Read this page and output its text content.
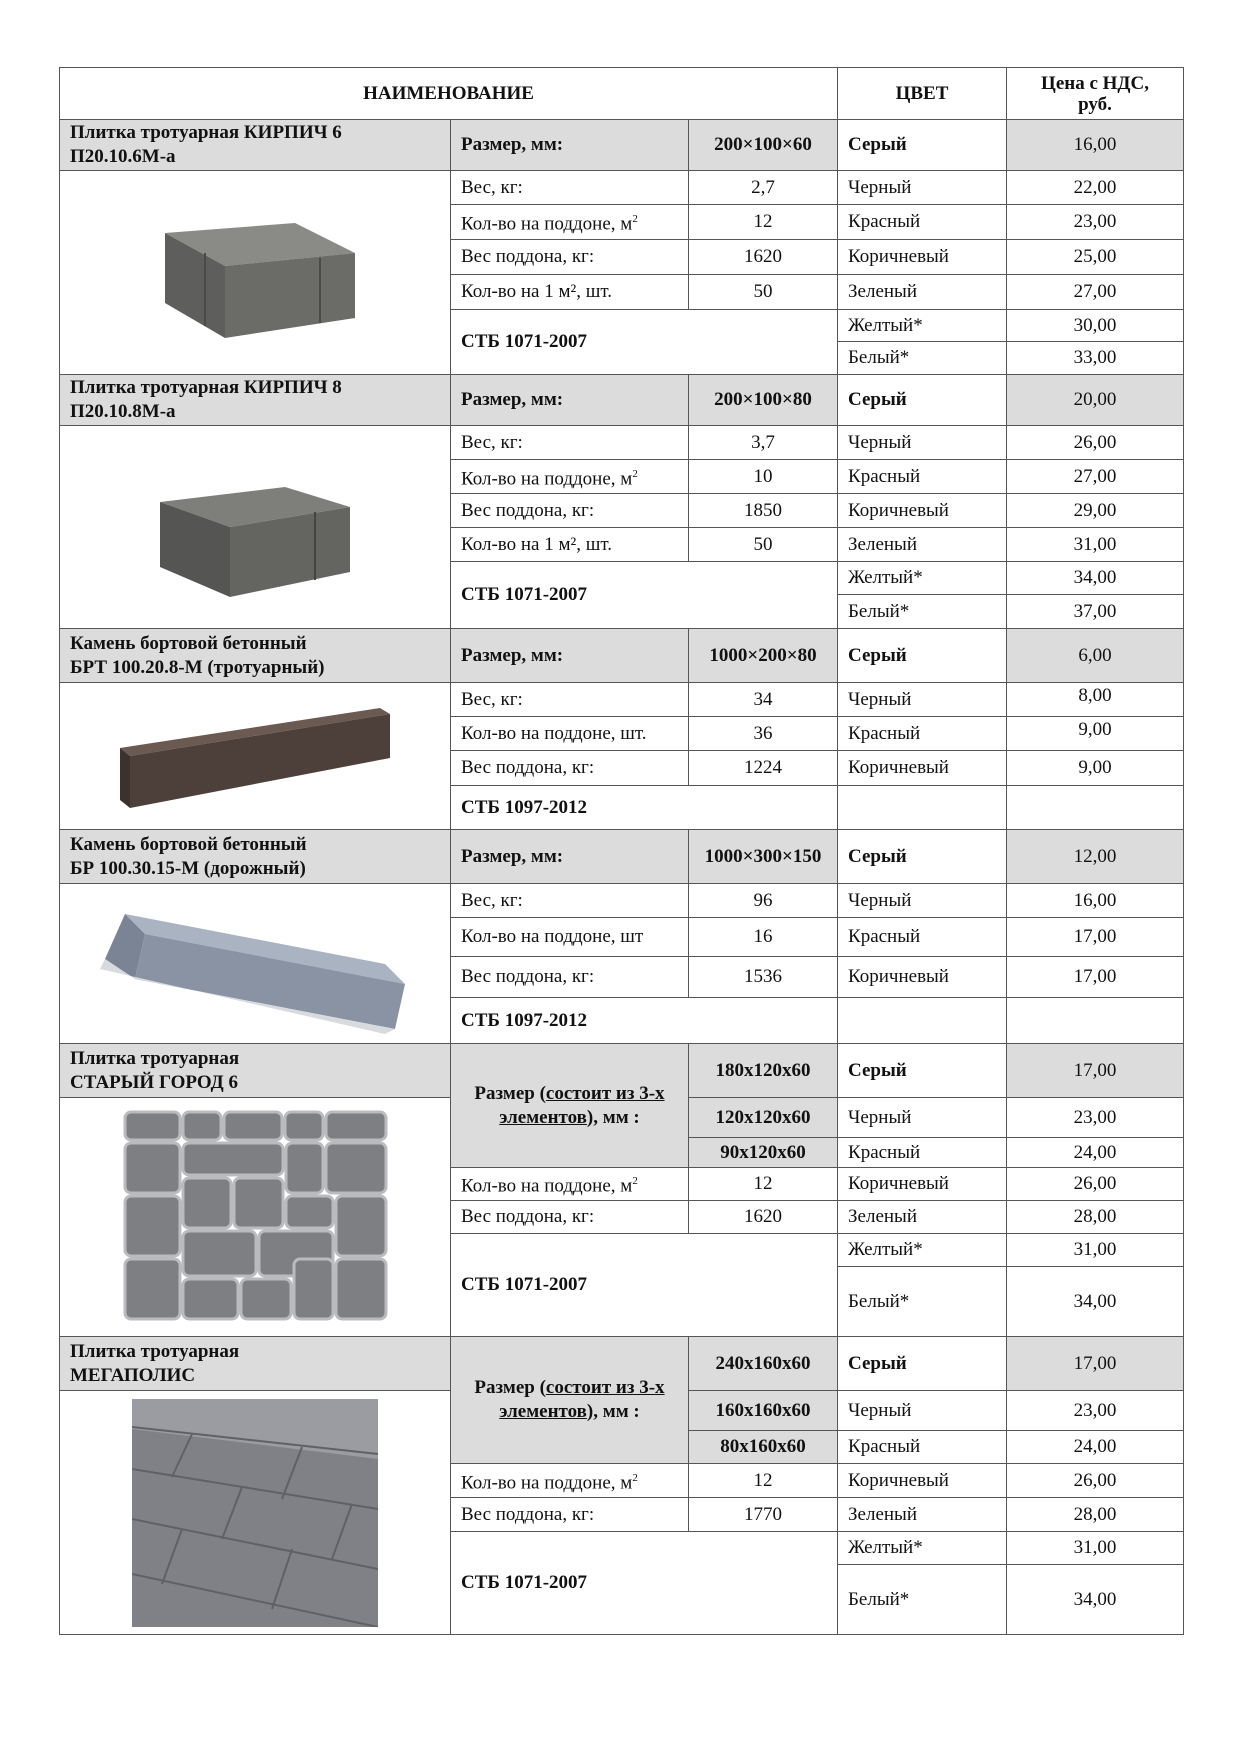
НАИМЕНОВАНИЕ			ЦВЕТ	Цена с НДС,
руб.

Плитка тротуарная КИРПИЧ 6
П20.10.6М-а	Размер, мм:	200×100×60	Серый	16,00

	Вес, кг:	2,7	Черный	22,00
	Кол-во на поддоне, $м^2$	12	Красный	23,00
	Вес поддона, кг:	1620	Коричневый	25,00
	Кол-во на 1 м², шт.	50	Зеленый	27,00
	СТБ 1071-2007		Желтый*	30,00
			Белый*	33,00

Плитка тротуарная КИРПИЧ 8
П20.10.8М-а	Размер, мм:	200×100×80	Серый	20,00

	Вес, кг:	3,7	Черный	26,00
	Кол-во на поддоне, $м^2$	10	Красный	27,00
	Вес поддона, кг:	1850	Коричневый	29,00
	Кол-во на 1 м², шт.	50	Зеленый	31,00
	СТБ 1071-2007		Желтый*	34,00
			Белый*	37,00

Камень бортовой бетонный
БРТ 100.20.8-М (тротуарный)	Размер, мм:	1000×200×80	Серый	6,00

	Вес, кг:	34	Черный	8,00
	Кол-во на поддоне, шт.	36	Красный	9,00
	Вес поддона, кг:	1224	Коричневый	9,00
	СТБ 1097-2012			

Камень бортовой бетонный
БР 100.30.15-М (дорожный)	Размер, мм:	1000×300×150	Серый	12,00

	Вес, кг:	96	Черный	16,00
	Кол-во на поддоне, шт	16	Красный	17,00
	Вес поддона, кг:	1536	Коричневый	17,00
	СТБ 1097-2012			

Плитка тротуарная
СТАРЫЙ ГОРОД 6	Размер (состоит из 3-х элементов), мм :	180х120х60	Серый	17,00

	120х120х60	Черный	23,00
		90х120х60	Красный	24,00
	Кол-во на поддоне, $м^2$	12	Коричневый	26,00
	Вес поддона, кг:	1620	Зеленый	28,00
	СТБ 1071-2007		Желтый*	31,00
			Белый*	34,00

Плитка тротуарная
МЕГАПОЛИС	Размер (состоит из 3-х элементов), мм :	240х160х60	Серый	17,00

	160х160х60	Черный	23,00
		80х160х60	Красный	24,00
	Кол-во на поддоне, $м^2$	12	Коричневый	26,00
	Вес поддона, кг:	1770	Зеленый	28,00
	СТБ 1071-2007		Желтый*	31,00
			Белый*	34,00
